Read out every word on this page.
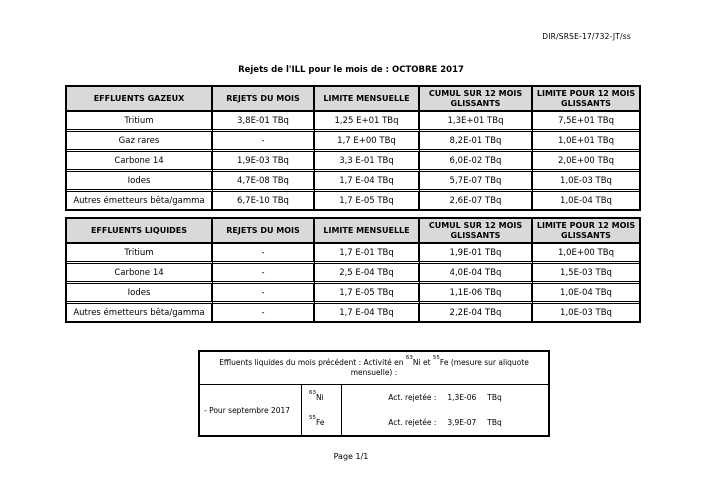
DIR/SRSE-17/732-JT/ss
Rejets de l'ILL pour le mois de : OCTOBRE 2017
EFFLUENTS GAZEUX	REJETS DU MOIS	LIMITE MENSUELLE	CUMUL SUR 12 MOIS GLISSANTS	LIMITE POUR 12 MOIS GLISSANTS
Tritium	3,8E-01 TBq	1,25 E+01 TBq	1,3E+01 TBq	7,5E+01 TBq
Gaz rares	-	1,7 E+00 TBq	8,2E-01 TBq	1,0E+01 TBq
Carbone 14	1,9E-03 TBq	3,3 E-01 TBq	6,0E-02 TBq	2,0E+00 TBq
Iodes	4,7E-08 TBq	1,7 E-04 TBq	5,7E-07 TBq	1,0E-03 TBq
Autres émetteurs bêta/gamma	6,7E-10 TBq	1,7 E-05 TBq	2,6E-07 TBq	1,0E-04 TBq
EFFLUENTS LIQUIDES	REJETS DU MOIS	LIMITE MENSUELLE	CUMUL SUR 12 MOIS GLISSANTS	LIMITE POUR 12 MOIS GLISSANTS
Tritium	-	1,7 E-01 TBq	1,9E-01 TBq	1,0E+00 TBq
Carbone 14	-	2,5 E-04 TBq	4,0E-04 TBq	1,5E-03 TBq
Iodes	-	1,7 E-05 TBq	1,1E-06 TBq	1,0E-04 TBq
Autres émetteurs bêta/gamma	-	1,7 E-04 TBq	2,2E-04 TBq	1,0E-03 TBq
Effluents liquides du mois précédent : Activité en $^{63}$Ni et $^{55}$Fe (mesure sur aliquote mensuelle) :		
- Pour septembre 2017	$^{63}$Ni	Act. rejetée : 1,3E-06 TBq

	$^{55}$Fe	Act. rejetée : 3,9E-07 TBq
Page 1/1
